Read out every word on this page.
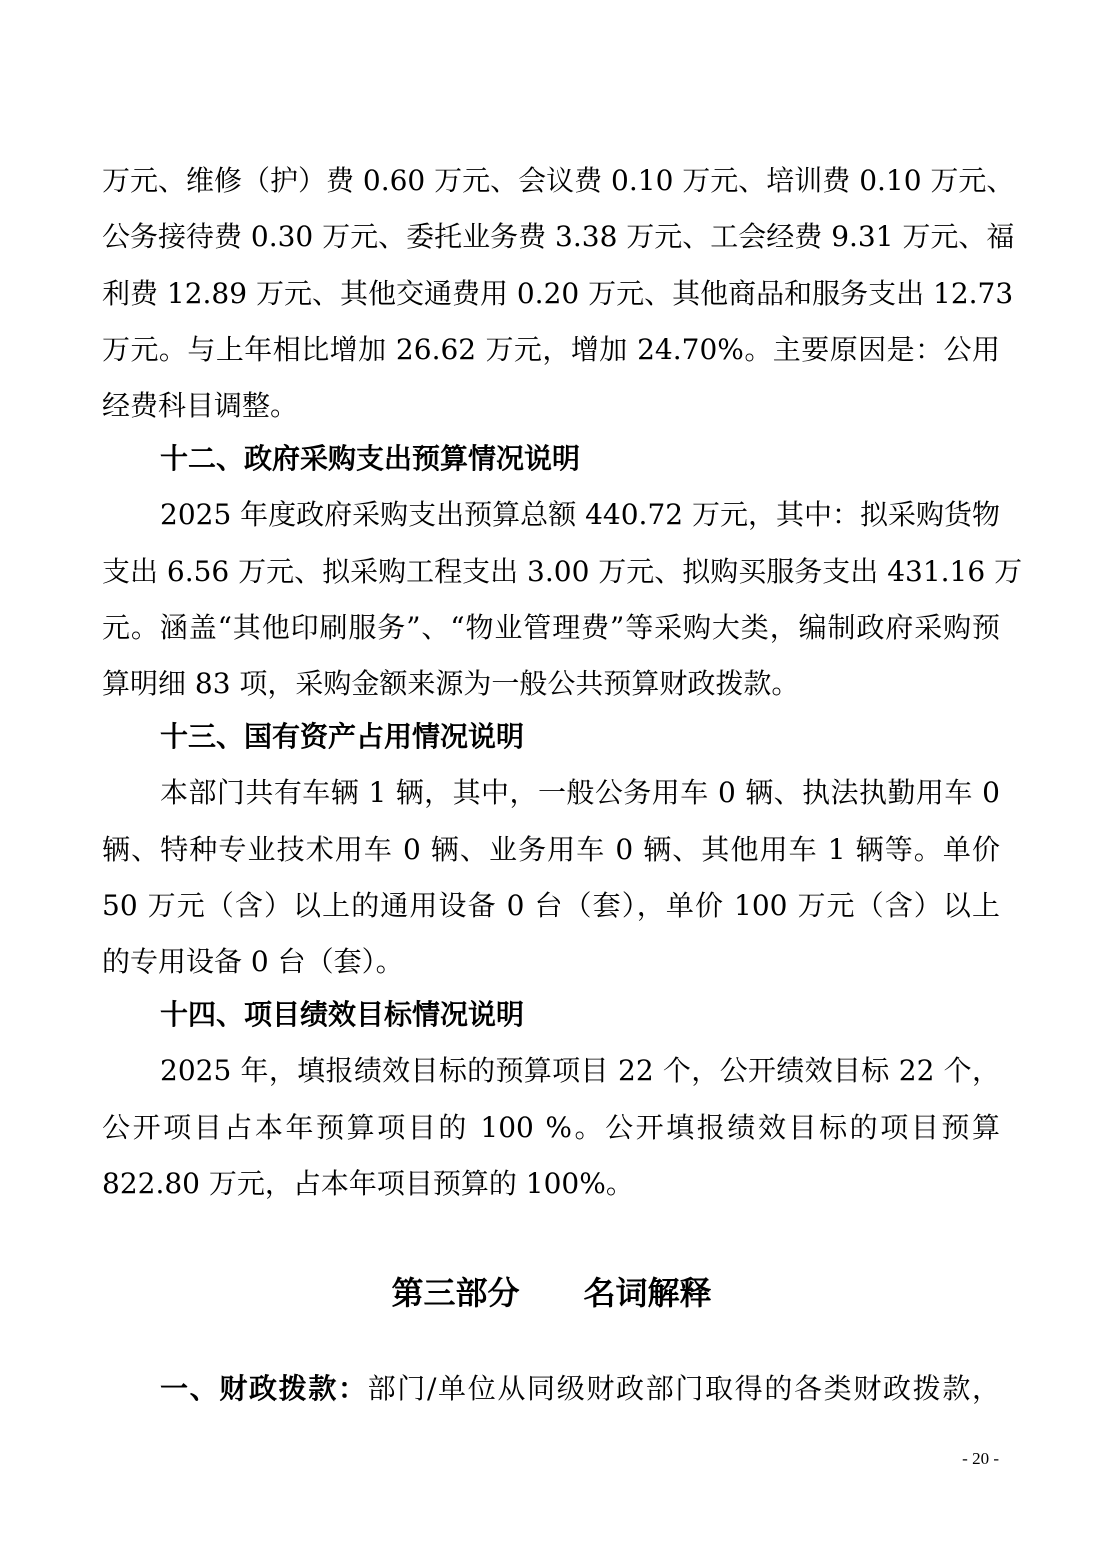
万元、维修（护）费 0.60 万元、会议费 0.10 万元、培训费 0.10 万元、
公务接待费 0.30 万元、委托业务费 3.38 万元、工会经费 9.31 万元、福
利费 12.89 万元、其他交通费用 0.20 万元、其他商品和服务支出 12.73
万元。与上年相比增加 26.62 万元，增加 24.70%。主要原因是：公用
经费科目调整。
十二、政府采购支出预算情况说明
2025 年度政府采购支出预算总额 440.72 万元，其中：拟采购货物
支出 6.56 万元、拟采购工程支出 3.00 万元、拟购买服务支出 431.16 万
元。涵盖“其他印刷服务”、“物业管理费”等采购大类，编制政府采购预
算明细 83 项，采购金额来源为一般公共预算财政拨款。
十三、国有资产占用情况说明
本部门共有车辆 1 辆，其中，一般公务用车 0 辆、执法执勤用车 0
辆、特种专业技术用车 0 辆、业务用车 0 辆、其他用车 1 辆等。单价
50 万元（含）以上的通用设备 0 台（套），单价 100 万元（含）以上
的专用设备 0 台（套）。
十四、项目绩效目标情况说明
2025 年，填报绩效目标的预算项目 22 个，公开绩效目标 22 个，
公开项目占本年预算项目的 100 %。公开填报绩效目标的项目预算
822.80 万元，占本年项目预算的 100%。
第三部分　　名词解释
一、财政拨款：部门/单位从同级财政部门取得的各类财政拨款，
- 20 -
